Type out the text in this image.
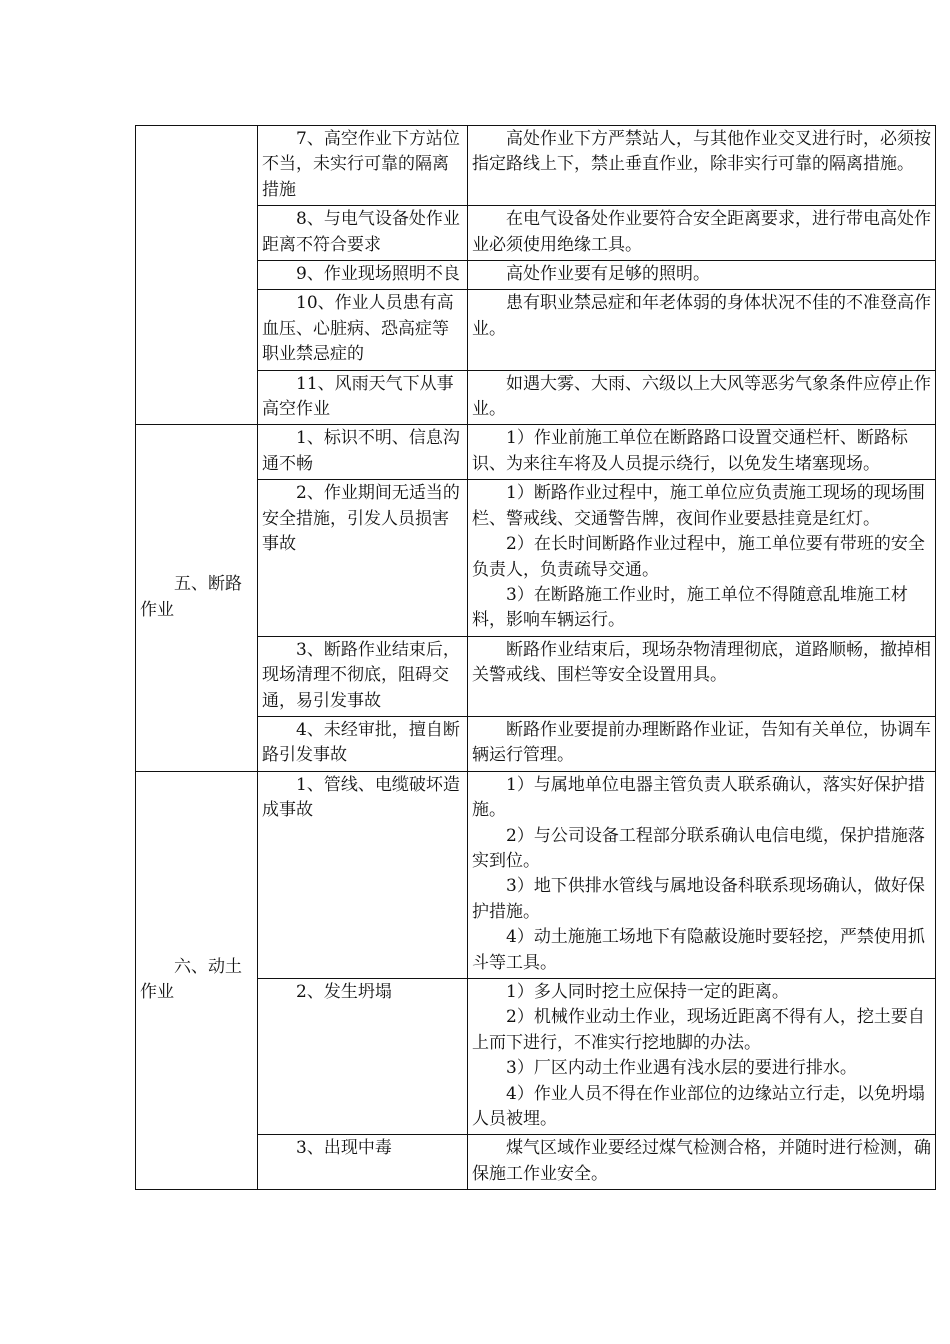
	7、高空作业下方站位不当，未实行可靠的隔离措施	高处作业下方严禁站人，与其他作业交叉进行时，必须按指定路线上下，禁止垂直作业，除非实行可靠的隔离措施。

	8、与电气设备处作业距离不符合要求	在电气设备处作业要符合安全距离要求，进行带电高处作业必须使用绝缘工具。

	9、作业现场照明不良	高处作业要有足够的照明。

	10、作业人员患有高血压、心脏病、恐高症等职业禁忌症的	患有职业禁忌症和年老体弱的身体状况不佳的不准登高作业。

	11、风雨天气下从事高空作业	如遇大雾、大雨、六级以上大风等恶劣气象条件应停止作业。

五、断路作业	1、标识不明、信息沟通不畅	1）作业前施工单位在断路路口设置交通栏杆、断路标识、为来往车将及人员提示绕行，以免发生堵塞现场。

	2、作业期间无适当的安全措施，引发人员损害事故	1）断路作业过程中，施工单位应负责施工现场的现场围栏、警戒线、交通警告牌，夜间作业要悬挂竟是红灯。
2）在长时间断路作业过程中，施工单位要有带班的安全负责人，负责疏导交通。
3）在断路施工作业时，施工单位不得随意乱堆施工材料，影响车辆运行。

	3、断路作业结束后，现场清理不彻底，阻碍交通，易引发事故	断路作业结束后，现场杂物清理彻底，道路顺畅，撤掉相关警戒线、围栏等安全设置用具。

	4、未经审批，擅自断路引发事故	断路作业要提前办理断路作业证，告知有关单位，协调车辆运行管理。

六、动土作业	1、管线、电缆破坏造成事故	1）与属地单位电器主管负责人联系确认，落实好保护措施。
2）与公司设备工程部分联系确认电信电缆，保护措施落实到位。
3）地下供排水管线与属地设备科联系现场确认，做好保护措施。
4）动土施施工场地下有隐蔽设施时要轻挖，严禁使用抓斗等工具。

	2、发生坍塌	1）多人同时挖土应保持一定的距离。
2）机械作业动土作业，现场近距离不得有人，挖土要自上而下进行，不准实行挖地脚的办法。
3）厂区内动土作业遇有浅水层的要进行排水。
4）作业人员不得在作业部位的边缘站立行走，以免坍塌人员被埋。

	3、出现中毒	煤气区域作业要经过煤气检测合格，并随时进行检测，确保施工作业安全。
